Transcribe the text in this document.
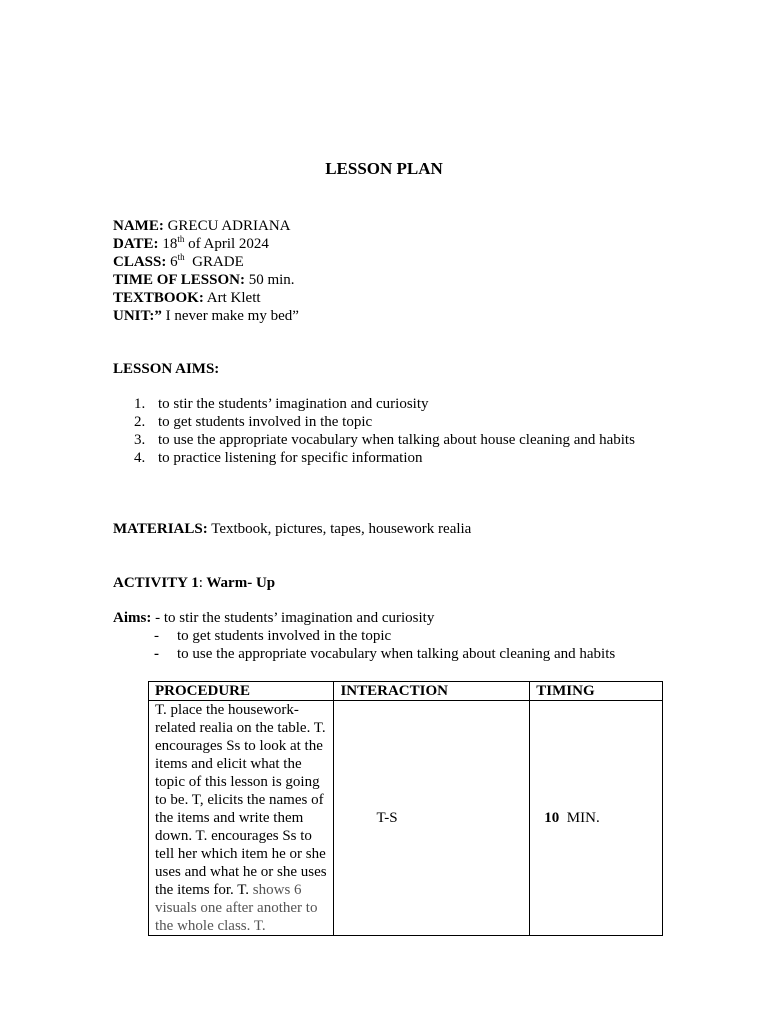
LESSON PLAN
NAME: GRECU ADRIANA
DATE: 18th of April 2024
CLASS: 6th GRADE
TIME OF LESSON: 50 min.
TEXTBOOK: Art Klett
UNIT:” I never make my bed”
LESSON AIMS:
1. to stir the students’ imagination and curiosity
2. to get students involved in the topic
3. to use the appropriate vocabulary when talking about house cleaning and habits
4. to practice listening for specific information
MATERIALS: Textbook, pictures, tapes, housework realia
ACTIVITY 1: Warm- Up
Aims: - to stir the students’ imagination and curiosity
- to get students involved in the topic
- to use the appropriate vocabulary when talking about cleaning and habits
PROCEDURE	INTERACTION	TIMING
T. place the housework-related realia on the table. T. encourages Ss to look at the items and elicit what the topic of this lesson is going to be. T, elicits the names of the items and write them down. T. encourages Ss to tell her which item he or she uses and what he or she uses the items for. T. shows 6 visuals one after another to the whole class. T.	T-S	10 MIN.
